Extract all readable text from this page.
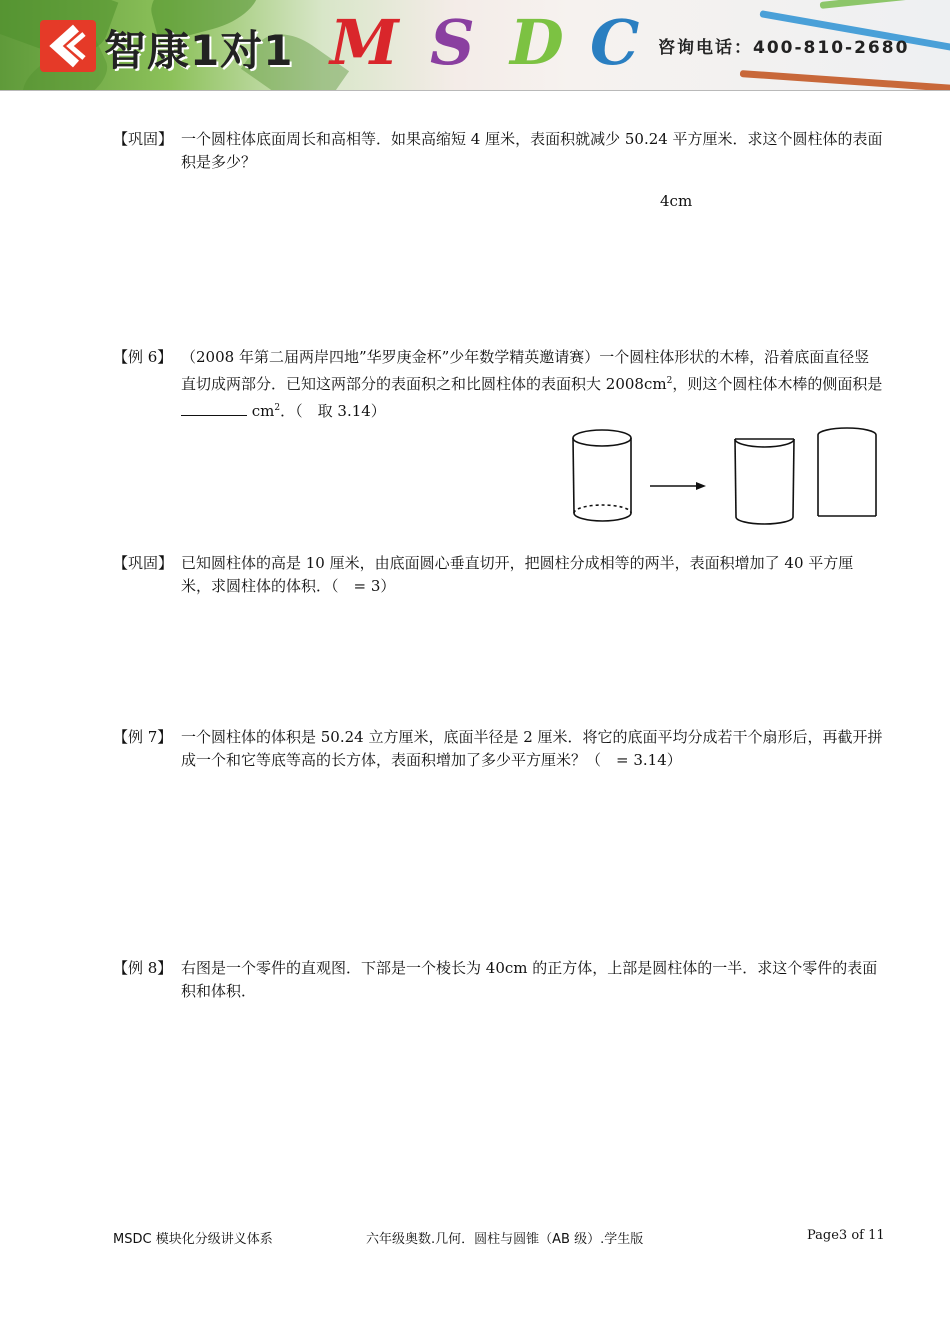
智康1对1 M S D C 咨询电话：400-810-2680
【巩固】 一个圆柱体底面周长和高相等．如果高缩短 4 厘米，表面积就减少 50.24 平方厘米．求这个圆柱体的表面积是多少？
4cm
【例 6】 （2008 年第二届两岸四地”华罗庚金杯”少年数学精英邀请赛）一个圆柱体形状的木棒，沿着底面直径竖直切成两部分．已知这两部分的表面积之和比圆柱体的表面积大 $2008cm^2$，则这个圆柱体木棒的侧面积是  $cm^2$．（　取 3.14）
【巩固】 已知圆柱体的高是 10 厘米，由底面圆心垂直切开，把圆柱分成相等的两半，表面积增加了 40 平方厘米，求圆柱体的体积．（　= 3）
【例 7】 一个圆柱体的体积是 50.24 立方厘米，底面半径是 2 厘米．将它的底面平均分成若干个扇形后，再截开拼成一个和它等底等高的长方体，表面积增加了多少平方厘米？（　= 3.14）
【例 8】 右图是一个零件的直观图．下部是一个棱长为 40cm 的正方体，上部是圆柱体的一半．求这个零件的表面积和体积．
MSDC 模块化分级讲义体系	六年级奥数.几何．圆柱与圆锥（AB 级）.学生版	Page3 of 11
